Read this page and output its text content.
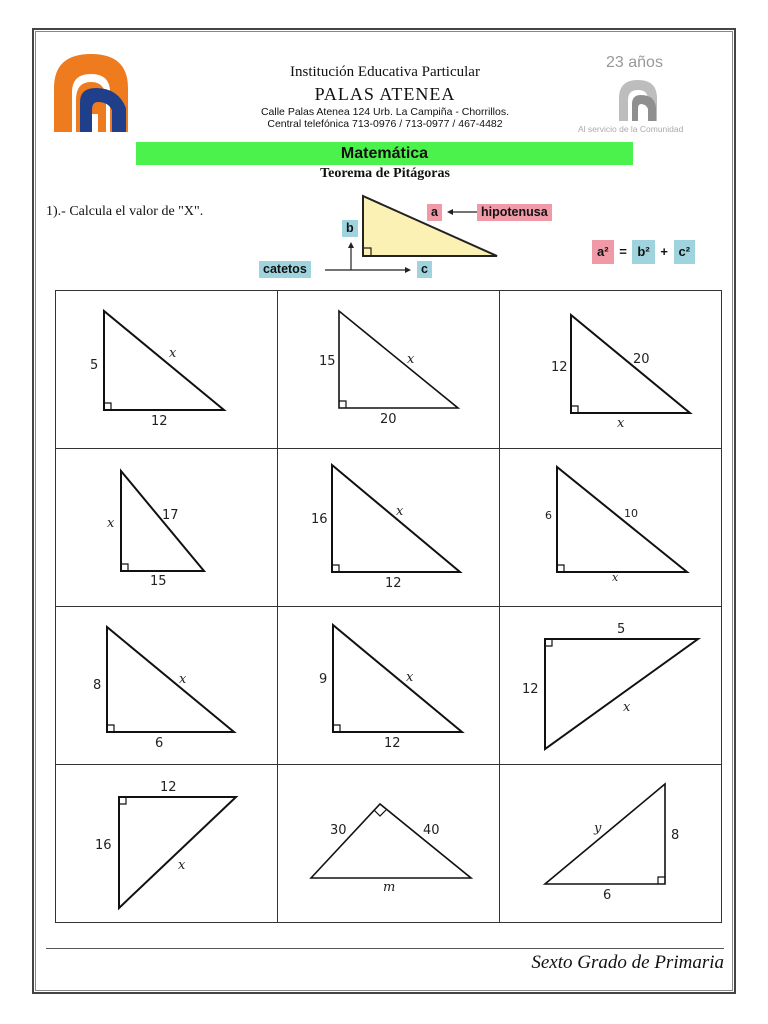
Institución Educativa Particular
PALAS ATENEA
Calle Palas Atenea 124 Urb. La Campiña - Chorrillos.
Central telefónica 713-0976 / 713-0977 / 467-4482
23 años
Al servicio de la Comunidad
Matemática
Teorema de Pitágoras
1).- Calcula el valor de "X".	a	hipotenusa
b
catetos	c
a² = b² + c²
5
x
12
15	x
20
12
20
x
x
17
15
16
x
12
6	10
x
8	x
6
9	x
12
5
12
x
12
16
x
30	40
m
y	8
6
Sexto Grado de Primaria
